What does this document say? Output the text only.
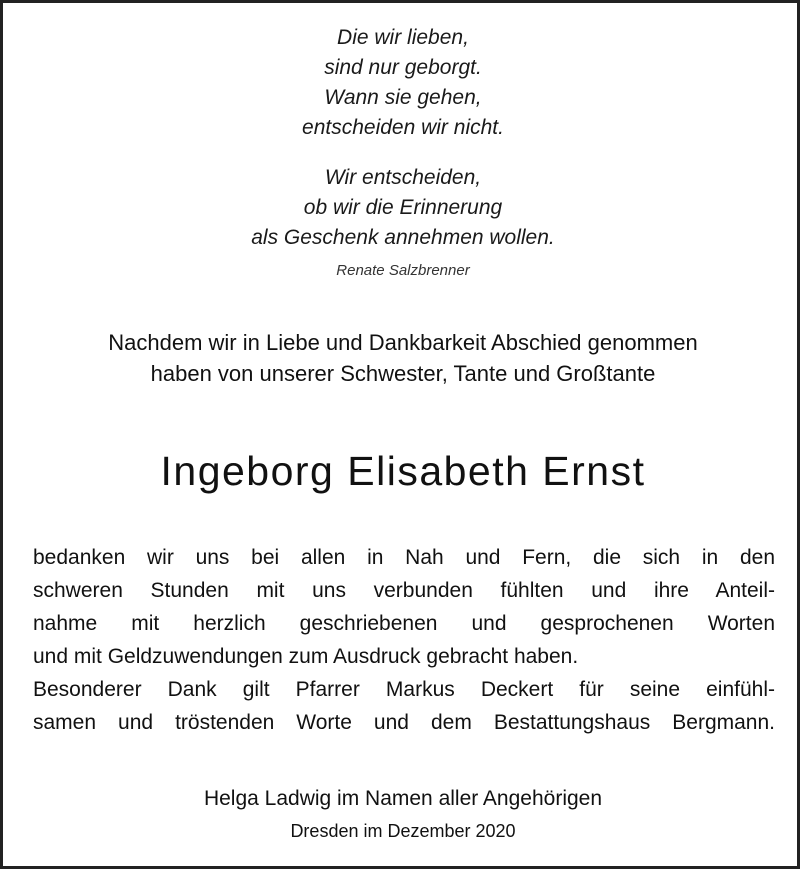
Die wir lieben,
sind nur geborgt.
Wann sie gehen,
entscheiden wir nicht.
Wir entscheiden,
ob wir die Erinnerung
als Geschenk annehmen wollen.
Renate Salzbrenner
Nachdem wir in Liebe und Dankbarkeit Abschied genommen
haben von unserer Schwester, Tante und Großtante
Ingeborg Elisabeth Ernst
bedanken wir uns bei allen in Nah und Fern, die sich in den
schweren Stunden mit uns verbunden fühlten und ihre Anteil-
nahme mit herzlich geschriebenen und gesprochenen Worten
und mit Geldzuwendungen zum Ausdruck gebracht haben.
Besonderer Dank gilt Pfarrer Markus Deckert für seine einfühl-
samen und tröstenden Worte und dem Bestattungshaus Bergmann.
Helga Ladwig im Namen aller Angehörigen
Dresden im Dezember 2020
